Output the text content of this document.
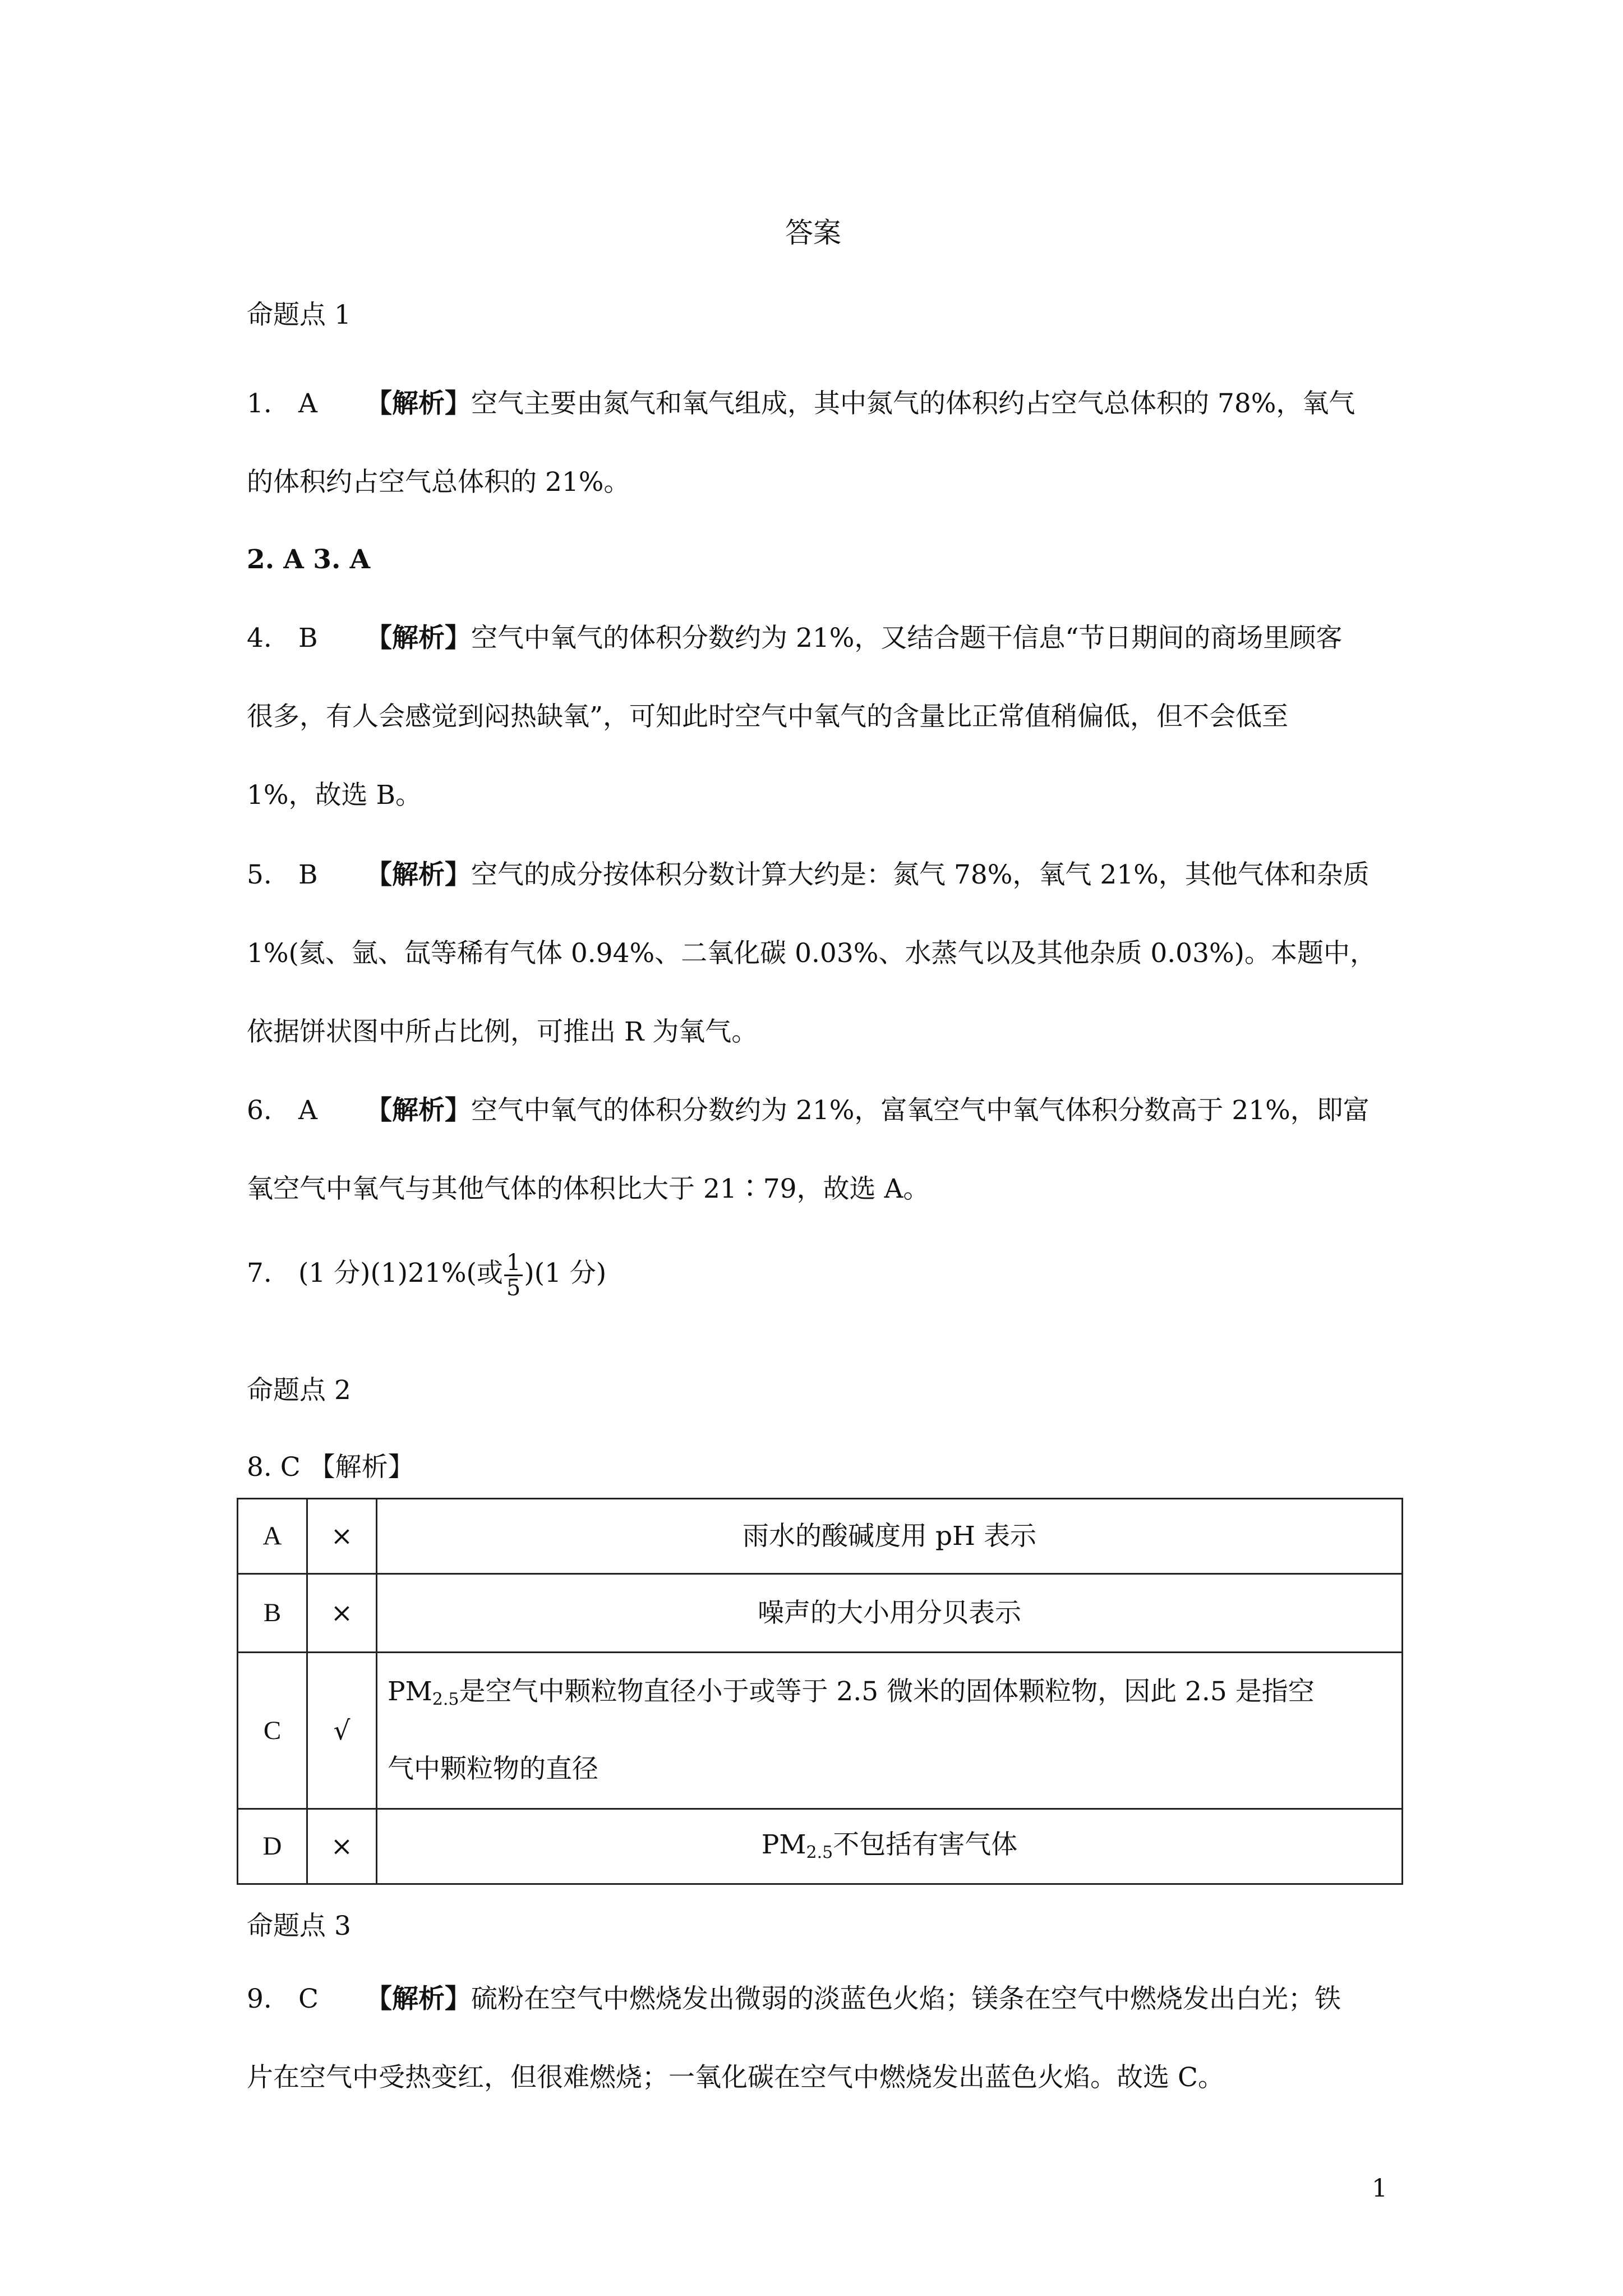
答案
命题点 1
1. A 【解析】空气主要由氮气和氧气组成，其中氮气的体积约占空气总体积的 78%，氧气
的体积约占空气总体积的 21%。
2. A 3. A
4. B 【解析】空气中氧气的体积分数约为 21%，又结合题干信息“节日期间的商场里顾客
很多，有人会感觉到闷热缺氧”，可知此时空气中氧气的含量比正常值稍偏低，但不会低至
1%，故选 B。
5. B 【解析】空气的成分按体积分数计算大约是：氮气 78%，氧气 21%，其他气体和杂质
1%(氦、氩、氙等稀有气体 0.94%、二氧化碳 0.03%、水蒸气以及其他杂质 0.03%)。本题中，
依据饼状图中所占比例，可推出 R 为氧气。
6. A 【解析】空气中氧气的体积分数约为 21%，富氧空气中氧气体积分数高于 21%，即富
氧空气中氧气与其他气体的体积比大于 21∶79，故选 A。
7. (1 分)(1)21%(或 $\frac{1}{5} )(1$ 分)
命题点 2
8. C 【解析】
A	×	雨水的酸碱度用 pH 表示
B	×	噪声的大小用分贝表示
C	√	$PM_{2.5}$是空气中颗粒物直径小于或等于 2.5 微米的固体颗粒物，因此 2.5 是指空
气中颗粒物的直径

D	×	$PM_{2.5}$不包括有害气体
命题点 3
9. C 【解析】硫粉在空气中燃烧发出微弱的淡蓝色火焰；镁条在空气中燃烧发出白光；铁
片在空气中受热变红，但很难燃烧；一氧化碳在空气中燃烧发出蓝色火焰。故选 C。
1
